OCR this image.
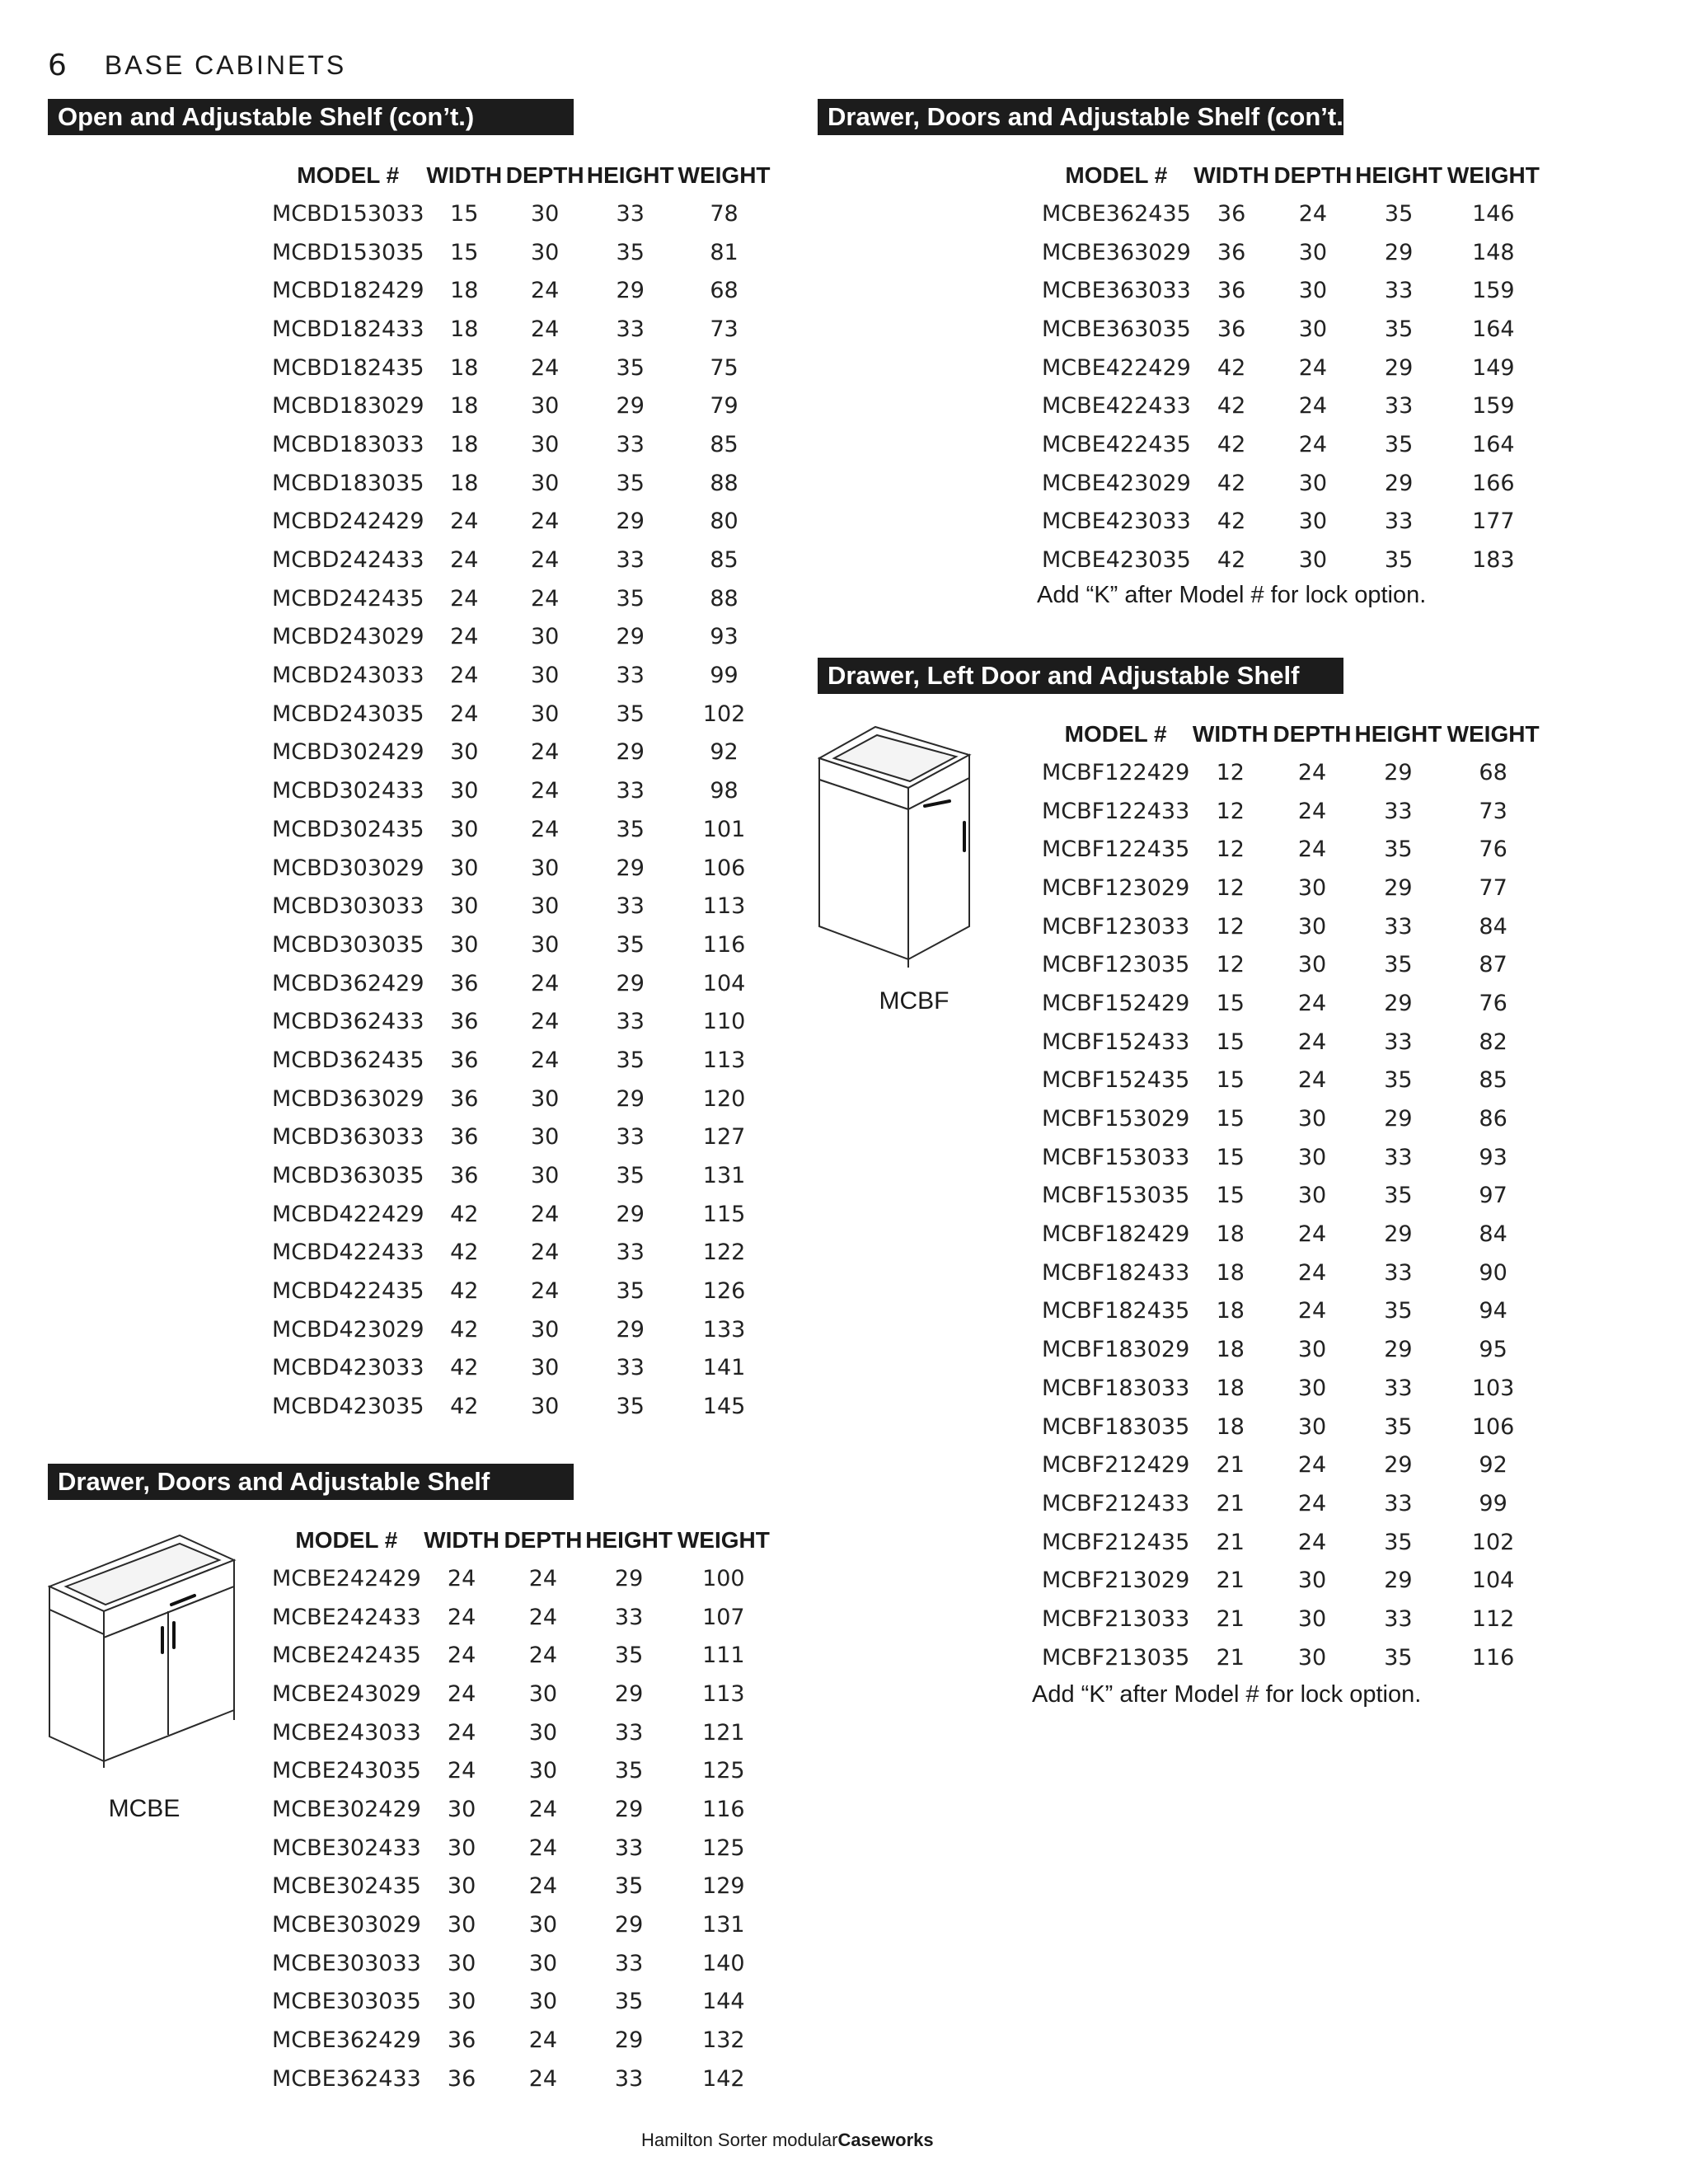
6 BASE CABINETS
Open and Adjustable Shelf (con’t.)
MODEL #	WIDTH	DEPTH	HEIGHT	WEIGHT
MCBD153033	15	30	33	78
MCBD153035	15	30	35	81
MCBD182429	18	24	29	68
MCBD182433	18	24	33	73
MCBD182435	18	24	35	75
MCBD183029	18	30	29	79
MCBD183033	18	30	33	85
MCBD183035	18	30	35	88
MCBD242429	24	24	29	80
MCBD242433	24	24	33	85
MCBD242435	24	24	35	88
MCBD243029	24	30	29	93
MCBD243033	24	30	33	99
MCBD243035	24	30	35	102
MCBD302429	30	24	29	92
MCBD302433	30	24	33	98
MCBD302435	30	24	35	101
MCBD303029	30	30	29	106
MCBD303033	30	30	33	113
MCBD303035	30	30	35	116
MCBD362429	36	24	29	104
MCBD362433	36	24	33	110
MCBD362435	36	24	35	113
MCBD363029	36	30	29	120
MCBD363033	36	30	33	127
MCBD363035	36	30	35	131
MCBD422429	42	24	29	115
MCBD422433	42	24	33	122
MCBD422435	42	24	35	126
MCBD423029	42	30	29	133
MCBD423033	42	30	33	141
MCBD423035	42	30	35	145
Drawer, Doors and Adjustable Shelf
MODEL #	WIDTH	DEPTH	HEIGHT	WEIGHT
MCBE242429	24	24	29	100
MCBE242433	24	24	33	107
MCBE242435	24	24	35	111
MCBE243029	24	30	29	113
MCBE243033	24	30	33	121
MCBE243035	24	30	35	125
MCBE302429	30	24	29	116
MCBE302433	30	24	33	125
MCBE302435	30	24	35	129
MCBE303029	30	30	29	131
MCBE303033	30	30	33	140
MCBE303035	30	30	35	144
MCBE362429	36	24	29	132
MCBE362433	36	24	33	142
MCBE
Drawer, Doors and Adjustable Shelf (con’t.)
MODEL #	WIDTH	DEPTH	HEIGHT	WEIGHT
MCBE362435	36	24	35	146
MCBE363029	36	30	29	148
MCBE363033	36	30	33	159
MCBE363035	36	30	35	164
MCBE422429	42	24	29	149
MCBE422433	42	24	33	159
MCBE422435	42	24	35	164
MCBE423029	42	30	29	166
MCBE423033	42	30	33	177
MCBE423035	42	30	35	183
Add “K” after Model # for lock option.
Drawer, Left Door and Adjustable Shelf
MODEL #	WIDTH	DEPTH	HEIGHT	WEIGHT
MCBF122429	12	24	29	68
MCBF122433	12	24	33	73
MCBF122435	12	24	35	76
MCBF123029	12	30	29	77
MCBF123033	12	30	33	84
MCBF123035	12	30	35	87
MCBF152429	15	24	29	76
MCBF152433	15	24	33	82
MCBF152435	15	24	35	85
MCBF153029	15	30	29	86
MCBF153033	15	30	33	93
MCBF153035	15	30	35	97
MCBF182429	18	24	29	84
MCBF182433	18	24	33	90
MCBF182435	18	24	35	94
MCBF183029	18	30	29	95
MCBF183033	18	30	33	103
MCBF183035	18	30	35	106
MCBF212429	21	24	29	92
MCBF212433	21	24	33	99
MCBF212435	21	24	35	102
MCBF213029	21	30	29	104
MCBF213033	21	30	33	112
MCBF213035	21	30	35	116
Add “K” after Model # for lock option.
MCBF
Hamilton Sorter modularCaseworks
